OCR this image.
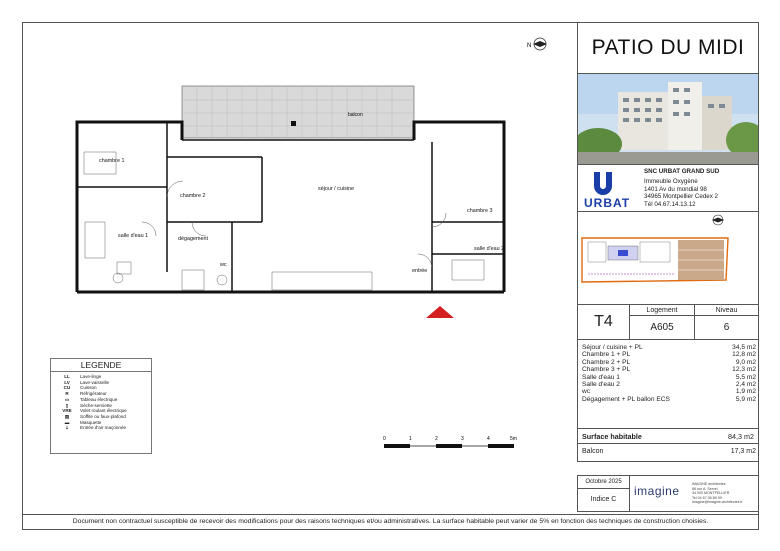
N
balcon
chambre 1
chambre 2
séjour / cuisine
chambre 3
salle d'eau 1
salle d'eau 2
dégagement
wc
entrée
0	1	2	3	4	5m
LEGENDE
LL	Lave-linge
LV	Lave-vaisselle
CU	Cuisson
R	Réfrigérateur
▭	Tableau électrique
▯	Sèche-serviette
VRE	Volet roulant électrique
▨	Soffite ou faux-plafond
▬	Masquette
⇣	Entrée d'air maçonnée
PATIO DU MIDI
URBAT
SNC URBAT GRAND SUD
Immeuble Oxygène
1401 Av du mondial 98
34965 Montpellier Cedex 2
Tél 04.67.14.13.12
T4
Logement
A605
Niveau
6
Séjour / cuisine + PL	34,5 m2
Chambre 1 + PL	12,8 m2
Chambre 2 + PL	9,0 m2
Chambre 3 + PL	12,3 m2
Salle d'eau 1	5,5 m2
Salle d'eau 2	2,4 m2
wc	1,9 m2
Dégagement + PL ballon ECS	5,9 m2
Surface habitable	84,3 m2
Balcon	17,3 m2
Octobre 2025
Indice C
imagine	IMAGINE architectes
66 rue A. Servel
34 000 MONTPELLIER
Tel 04 67 36 89 99
imagine@imagine-architectes.fr
Document non contractuel susceptible de recevoir des modifications pour des raisons techniques et/ou administratives. La surface habitable peut varier de 5% en fonction des techniques de construction choisies.
